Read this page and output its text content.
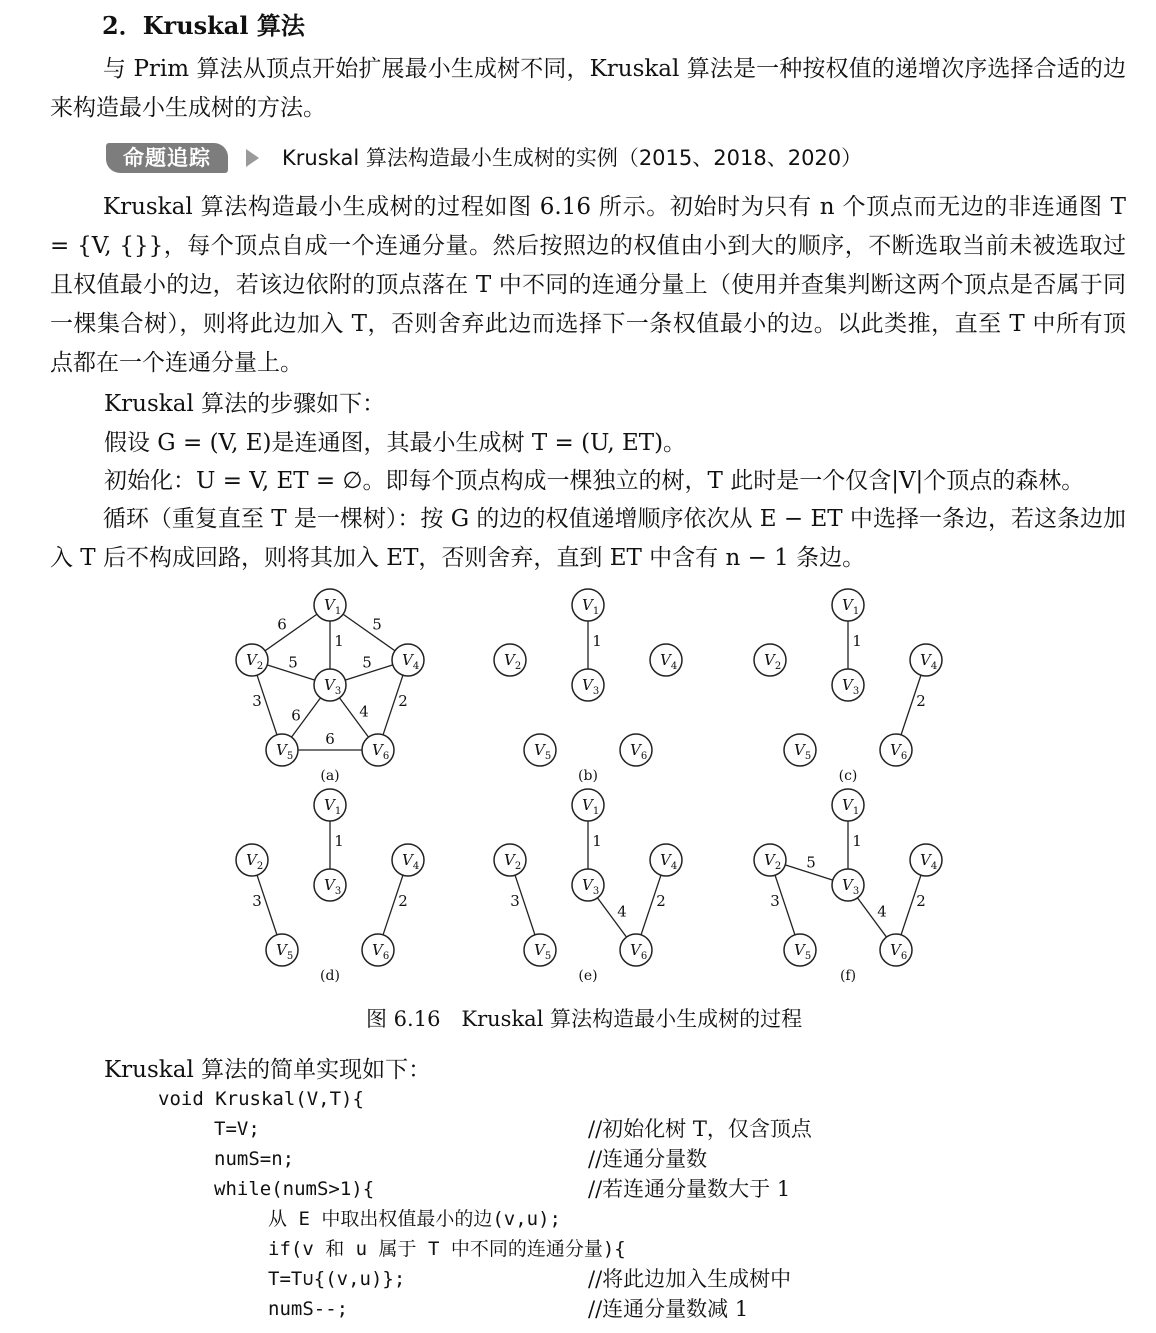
2．Kruskal 算法
与 Prim 算法从顶点开始扩展最小生成树不同，Kruskal 算法是一种按权值的递增次序选择合适的边来构造最小生成树的方法。
命题追踪	Kruskal 算法构造最小生成树的实例（2015、2018、2020）
Kruskal 算法构造最小生成树的过程如图 6.16 所示。初始时为只有 n 个顶点而无边的非连通图 T = {V, {}}，每个顶点自成一个连通分量。然后按照边的权值由小到大的顺序，不断选取当前未被选取过且权值最小的边，若该边依附的顶点落在 T 中不同的连通分量上（使用并查集判断这两个顶点是否属于同一棵集合树），则将此边加入 T，否则舍弃此边而选择下一条权值最小的边。以此类推，直至 T 中所有顶点都在一个连通分量上。
Kruskal 算法的步骤如下：
假设 G = (V, E)是连通图，其最小生成树 T = (U, ET)。
初始化：U = V, ET = ∅。即每个顶点构成一棵独立的树，T 此时是一个仅含|V|个顶点的森林。
循环（重复直至 T 是一棵树）：按 G 的边的权值递增顺序依次从 E − ET 中选择一条边，若这条边加入 T 后不构成回路，则将其加入 ET，否则舍弃，直到 ET 中含有 n − 1 条边。
6
1
5
5	5
3
6	4
2
6
$V_1$
$V_2$
$V_3$
$V_4$
$V_5$	$V_6$
(a)
1
$V_1$
$V_2$
$V_3$
$V_4$
$V_5$	$V_6$
(b)
1
2
$V_1$
$V_2$
$V_3$
$V_4$
$V_5$	$V_6$
(c)
1
2
3
$V_1$
$V_2$
$V_3$
$V_4$
$V_5$	$V_6$
(d)
1
2
3
4
$V_1$
$V_2$
$V_3$
$V_4$
$V_5$	$V_6$
(e)
1
2
3
4
5
$V_1$
$V_2$
$V_3$
$V_4$
$V_5$	$V_6$
(f)
图 6.16　Kruskal 算法构造最小生成树的过程
Kruskal 算法的简单实现如下：
void Kruskal(V,T){
T=V;	//初始化树 T，仅含顶点
numS=n;	//连通分量数
while(numS>1){	//若连通分量数大于 1
从 E 中取出权值最小的边(v,u);
if(v 和 u 属于 T 中不同的连通分量){
T=T∪{(v,u)};	//将此边加入生成树中
numS--;	//连通分量数减 1
